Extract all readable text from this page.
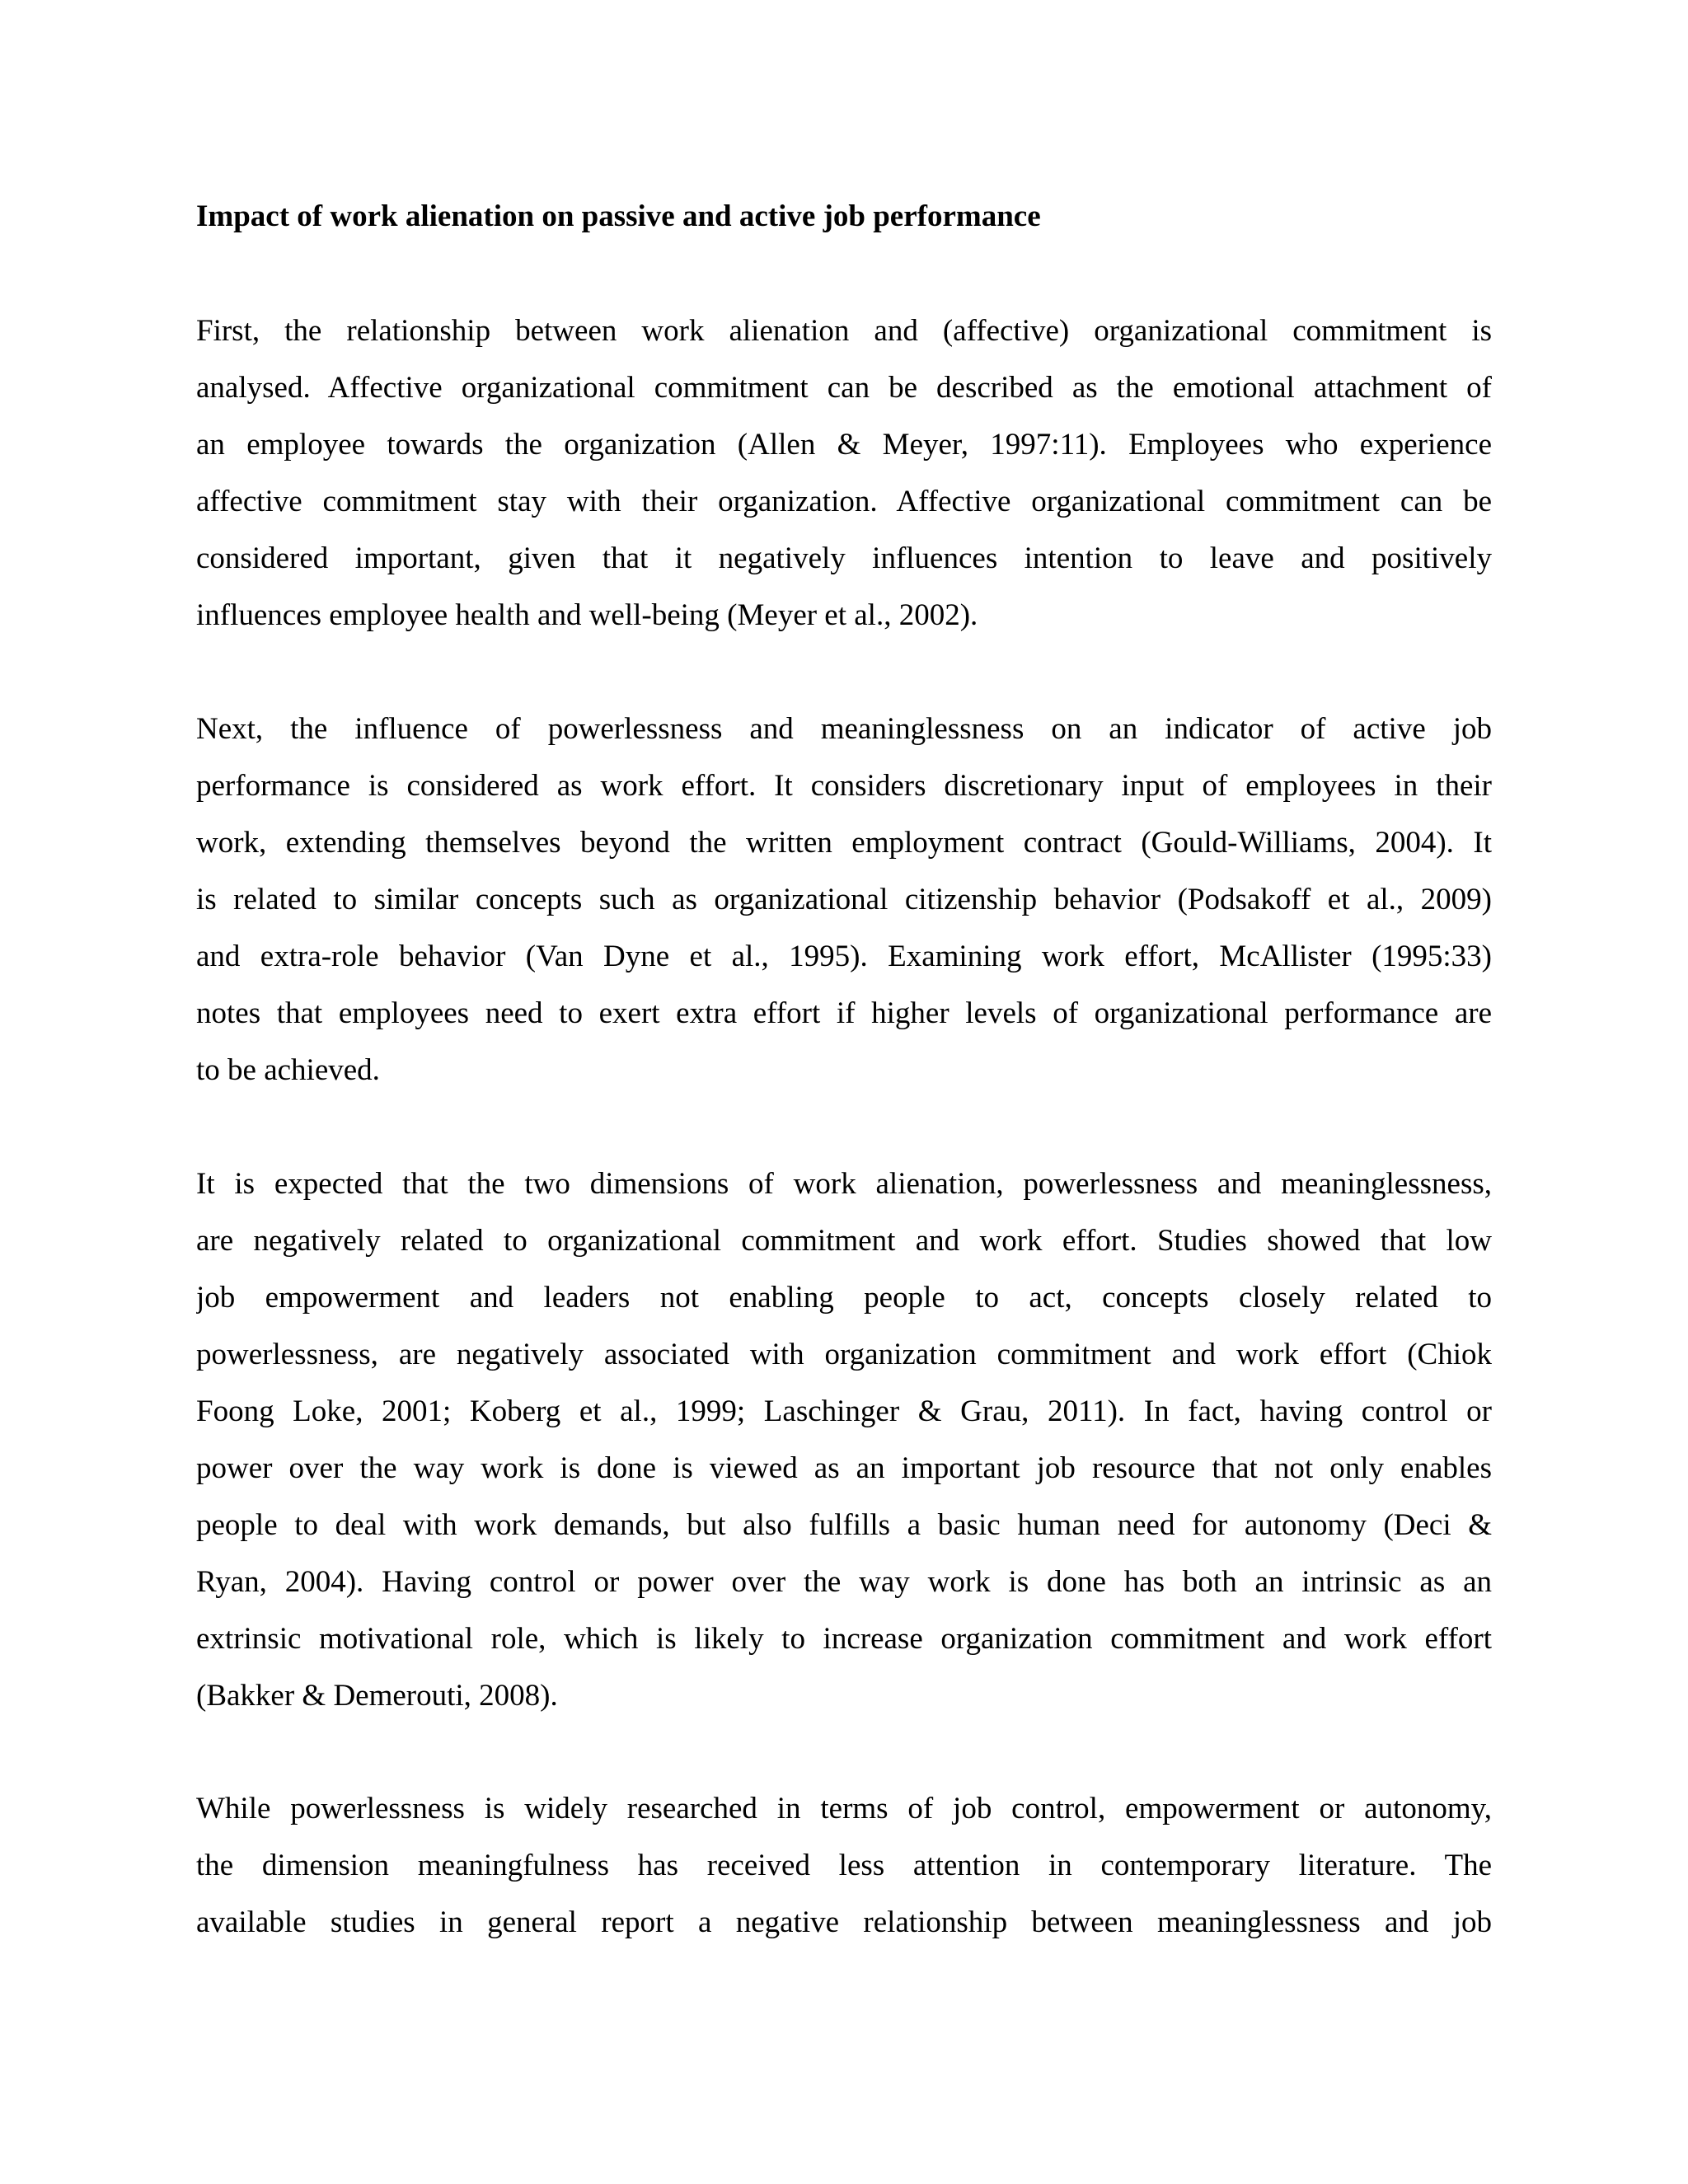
Impact of work alienation on passive and active job performance
First, the relationship between work alienation and (affective) organizational commitment is
analysed. Affective organizational commitment can be described as the emotional attachment of
an employee towards the organization (Allen & Meyer, 1997:11). Employees who experience
affective commitment stay with their organization. Affective organizational commitment can be
considered important, given that it negatively influences intention to leave and positively
influences employee health and well-being (Meyer et al., 2002).
Next, the influence of powerlessness and meaninglessness on an indicator of active job
performance is considered as work effort. It considers discretionary input of employees in their
work, extending themselves beyond the written employment contract (Gould-Williams, 2004). It
is related to similar concepts such as organizational citizenship behavior (Podsakoff et al., 2009)
and extra-role behavior (Van Dyne et al., 1995). Examining work effort, McAllister (1995:33)
notes that employees need to exert extra effort if higher levels of organizational performance are
to be achieved.
It is expected that the two dimensions of work alienation, powerlessness and meaninglessness,
are negatively related to organizational commitment and work effort. Studies showed that low
job empowerment and leaders not enabling people to act, concepts closely related to
powerlessness, are negatively associated with organization commitment and work effort (Chiok
Foong Loke, 2001; Koberg et al., 1999; Laschinger & Grau, 2011). In fact, having control or
power over the way work is done is viewed as an important job resource that not only enables
people to deal with work demands, but also fulfills a basic human need for autonomy (Deci &
Ryan, 2004). Having control or power over the way work is done has both an intrinsic as an
extrinsic motivational role, which is likely to increase organization commitment and work effort
(Bakker & Demerouti, 2008).
While powerlessness is widely researched in terms of job control, empowerment or autonomy,
the dimension meaningfulness has received less attention in contemporary literature. The
available studies in general report a negative relationship between meaninglessness and job
